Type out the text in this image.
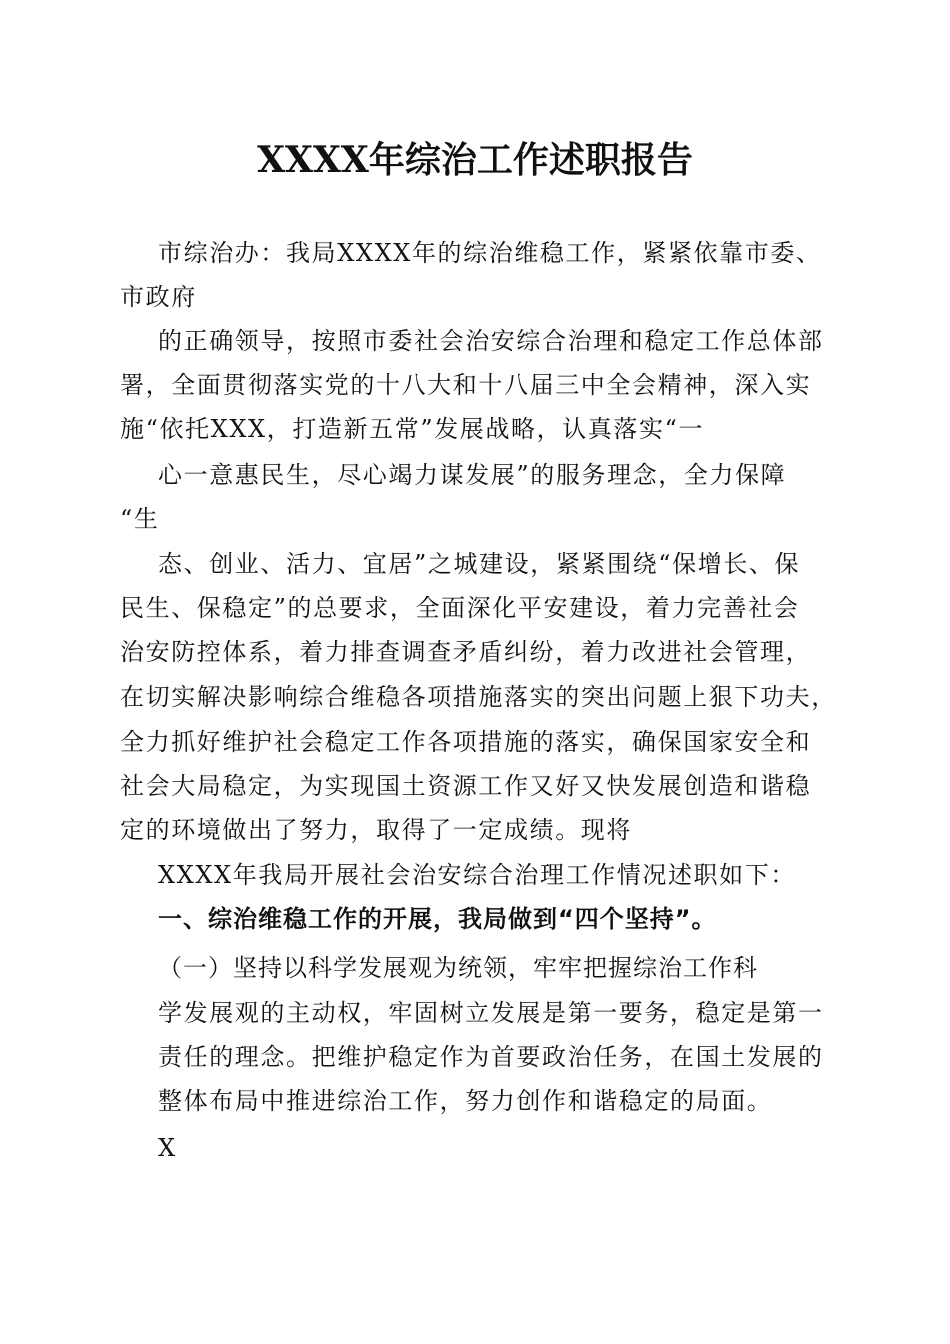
XXXX年综治工作述职报告
市综治办：我局XXXX年的综治维稳工作，紧紧依靠市委、
市政府
的正确领导，按照市委社会治安综合治理和稳定工作总体部
署，全面贯彻落实党的十八大和十八届三中全会精神，深入实
施“依托XXX，打造新五常”发展战略，认真落实“一
心一意惠民生，尽心竭力谋发展”的服务理念，全力保障
“生
态、创业、活力、宜居”之城建设，紧紧围绕“保增长、保
民生、保稳定”的总要求，全面深化平安建设，着力完善社会
治安防控体系，着力排查调查矛盾纠纷，着力改进社会管理，
在切实解决影响综合维稳各项措施落实的突出问题上狠下功夫，
全力抓好维护社会稳定工作各项措施的落实，确保国家安全和
社会大局稳定，为实现国土资源工作又好又快发展创造和谐稳
定的环境做出了努力，取得了一定成绩。现将
XXXX年我局开展社会治安综合治理工作情况述职如下：
一、综治维稳工作的开展，我局做到“四个坚持”。
（一）坚持以科学发展观为统领，牢牢把握综治工作科
学发展观的主动权，牢固树立发展是第一要务，稳定是第一
责任的理念。把维护稳定作为首要政治任务，在国土发展的
整体布局中推进综治工作，努力创作和谐稳定的局面。
X
